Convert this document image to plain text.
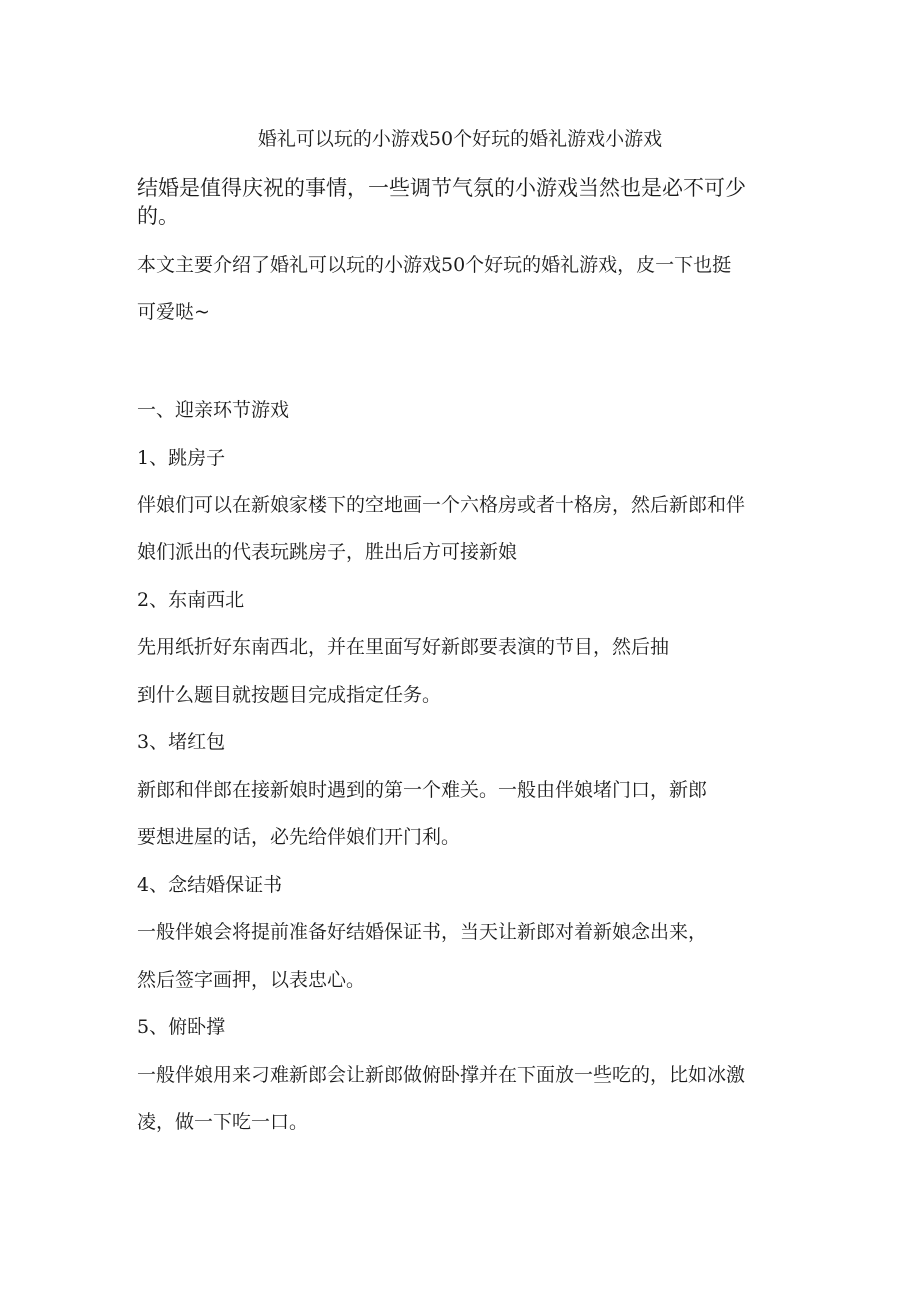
婚礼可以玩的小游戏50个好玩的婚礼游戏小游戏
结婚是值得庆祝的事情，一些调节气氛的小游戏当然也是必不可少
的。
本文主要介绍了婚礼可以玩的小游戏50个好玩的婚礼游戏，皮一下也挺
可爱哒~
一、迎亲环节游戏
1、跳房子
伴娘们可以在新娘家楼下的空地画一个六格房或者十格房，然后新郎和伴
娘们派出的代表玩跳房子，胜出后方可接新娘
2、东南西北
先用纸折好东南西北，并在里面写好新郎要表演的节目，然后抽
到什么题目就按题目完成指定任务。
3、堵红包
新郎和伴郎在接新娘时遇到的第一个难关。一般由伴娘堵门口，新郎
要想进屋的话，必先给伴娘们开门利。
4、念结婚保证书
一般伴娘会将提前准备好结婚保证书，当天让新郎对着新娘念出来，
然后签字画押，以表忠心。
5、俯卧撑
一般伴娘用来刁难新郎会让新郎做俯卧撑并在下面放一些吃的，比如冰激
凌，做一下吃一口。
